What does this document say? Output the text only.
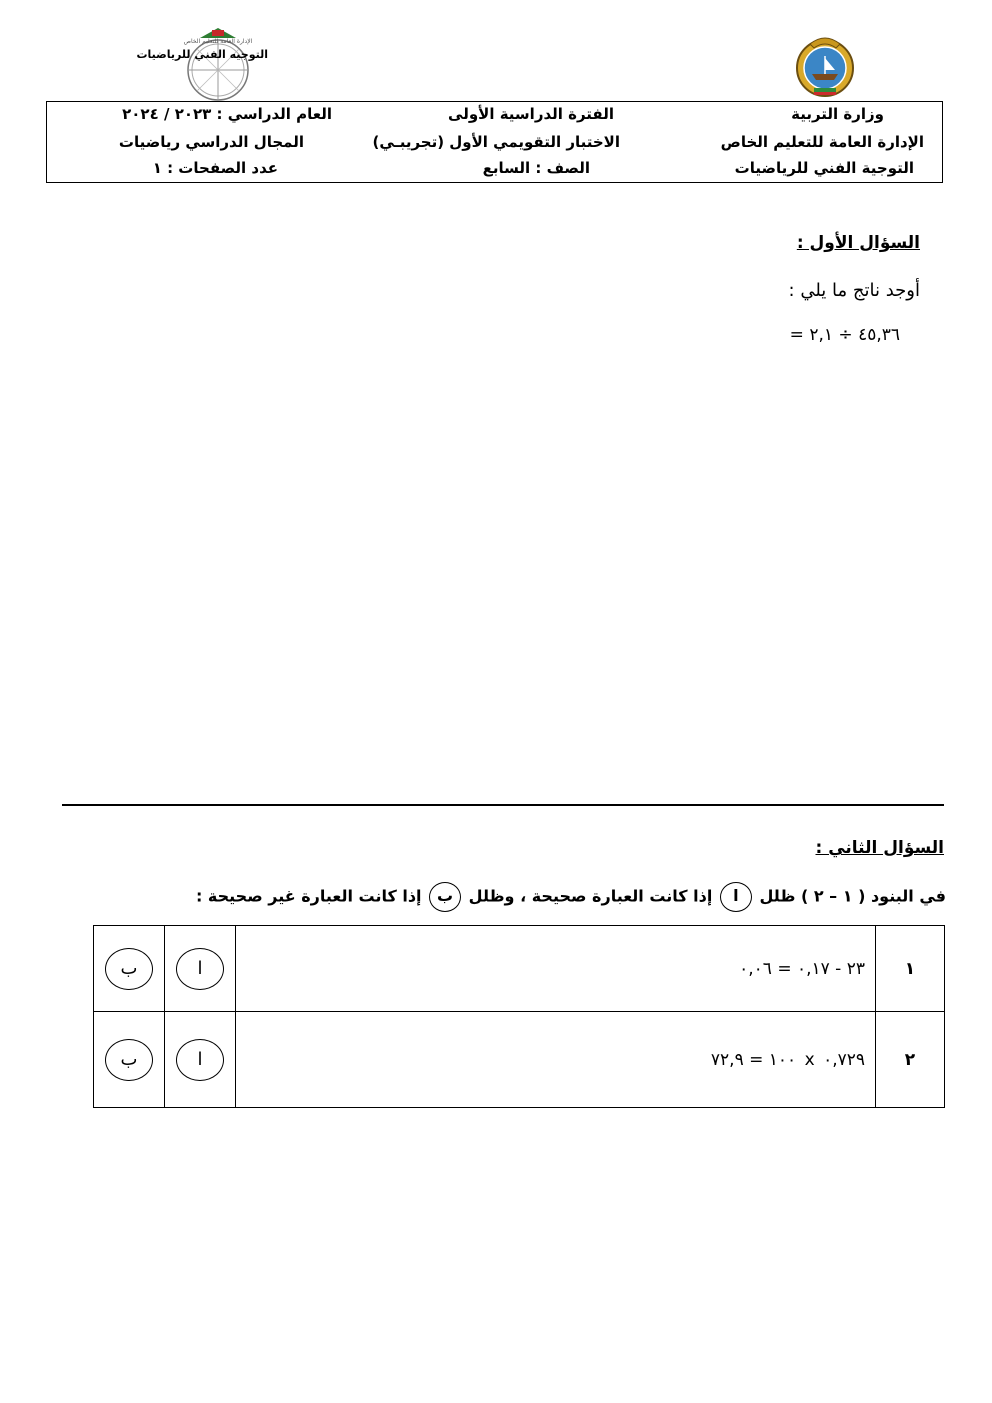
الإدارة العامة للتعليم الخاص
التوجيه الفني للرياضيات
وزارة التربية
الإدارة العامة للتعليم الخاص
التوجية الفني للرياضيات
الفترة الدراسية الأولى
الاختبار التقويمي الأول (تجريبـي)
الصف : السابع
العام الدراسي : ٢٠٢٣ / ٢٠٢٤
المجال الدراسي رياضيات
عدد الصفحات : ١
السؤال الأول :
أوجد ناتج ما يلي :
٤٥,٣٦ ÷ ٢,١ =
السؤال الثاني :
في البنود ( ١ – ٢ ) ظلل ا إذا كانت العبارة صحيحة ، وظلل ب إذا كانت العبارة غير صحيحة :
١	٢٣ - ٠,١٧ = ٠,٠٦	ا	ب
٢	٠,٧٢٩ x ١٠٠ = ٧٢,٩	ا	ب
